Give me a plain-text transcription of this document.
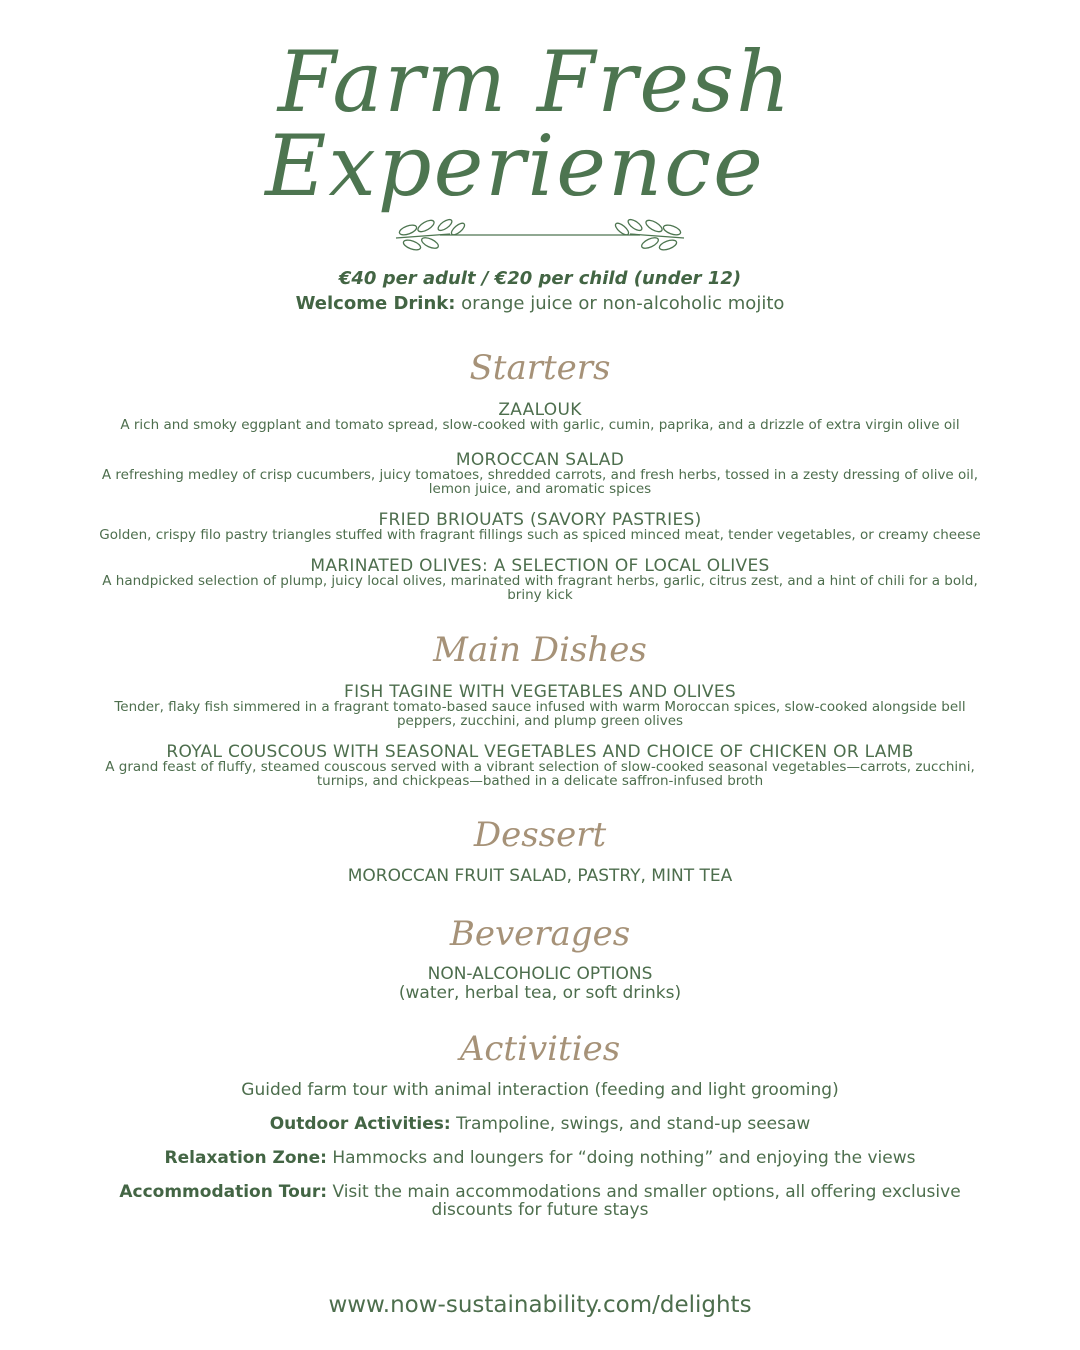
Farm Fresh
Experience
€40 per adult / €20 per child (under 12)
Welcome Drink: orange juice or non-alcoholic mojito
Starters
ZAALOUK
A rich and smoky eggplant and tomato spread, slow-cooked with garlic, cumin, paprika, and a drizzle of extra virgin olive oil
MOROCCAN SALAD
A refreshing medley of crisp cucumbers, juicy tomatoes, shredded carrots, and fresh herbs, tossed in a zesty dressing of olive oil, lemon juice, and aromatic spices
FRIED BRIOUATS (SAVORY PASTRIES)
Golden, crispy filo pastry triangles stuffed with fragrant fillings such as spiced minced meat, tender vegetables, or creamy cheese
MARINATED OLIVES: A SELECTION OF LOCAL OLIVES
A handpicked selection of plump, juicy local olives, marinated with fragrant herbs, garlic, citrus zest, and a hint of chili for a bold, briny kick
Main Dishes
FISH TAGINE WITH VEGETABLES AND OLIVES
Tender, flaky fish simmered in a fragrant tomato-based sauce infused with warm Moroccan spices, slow-cooked alongside bell peppers, zucchini, and plump green olives
ROYAL COUSCOUS WITH SEASONAL VEGETABLES AND CHOICE OF CHICKEN OR LAMB
A grand feast of fluffy, steamed couscous served with a vibrant selection of slow-cooked seasonal vegetables—carrots, zucchini, turnips, and chickpeas—bathed in a delicate saffron-infused broth
Dessert
MOROCCAN FRUIT SALAD, PASTRY, MINT TEA
Beverages
NON-ALCOHOLIC OPTIONS
(water, herbal tea, or soft drinks)
Activities
Guided farm tour with animal interaction (feeding and light grooming)
Outdoor Activities: Trampoline, swings, and stand-up seesaw
Relaxation Zone: Hammocks and loungers for “doing nothing” and enjoying the views
Accommodation Tour: Visit the main accommodations and smaller options, all offering exclusive discounts for future stays
www.now-sustainability.com/delights
